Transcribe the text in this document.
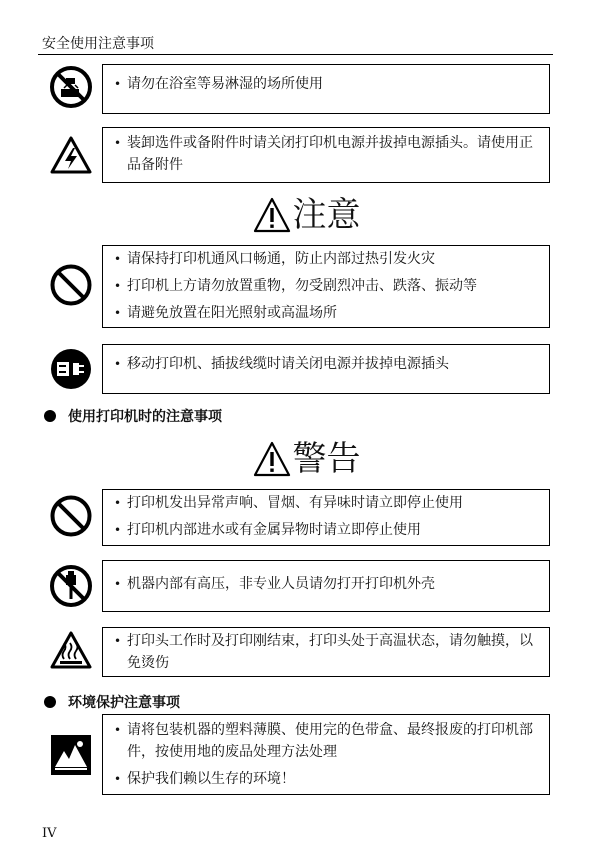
安全使用注意事项

• 请勿在浴室等易淋湿的场所使用

• 装卸选件或备附件时请关闭打印机电源并拔掉电源插头。请使用正品备附件

注意

• 请保持打印机通风口畅通，防止内部过热引发火灾

• 打印机上方请勿放置重物，勿受剧烈冲击、跌落、振动等

• 请避免放置在阳光照射或高温场所

• 移动打印机、插拔线缆时请关闭电源并拔掉电源插头

使用打印机时的注意事项
警告

• 打印机发出异常声响、冒烟、有异味时请立即停止使用

• 打印机内部进水或有金属异物时请立即停止使用

• 机器内部有高压，非专业人员请勿打开打印机外壳

• 打印头工作时及打印刚结束，打印头处于高温状态，请勿触摸，以免烫伤

环境保护注意事项

• 请将包装机器的塑料薄膜、使用完的色带盒、最终报废的打印机部件，按使用地的废品处理方法处理

• 保护我们赖以生存的环境！

IV
